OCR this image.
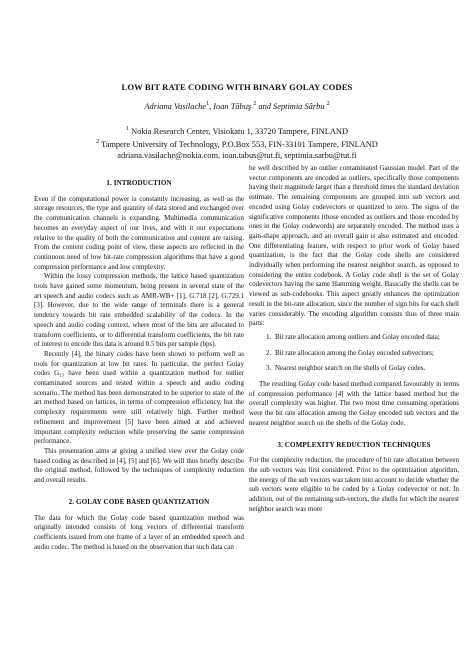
LOW BIT RATE CODING WITH BINARY GOLAY CODES
Adriana Vasilache$^1$, Ioan Tăbuş $^2$ and Septimia Sârbu $^2$
$^1$ Nokia Research Center, Visiokatu 1, 33720 Tampere, FINLAND
$^2$ Tampere University of Technology, P.O.Box 553, FIN-33101 Tampere, FINLAND
adriana.vasilache@nokia.com, ioan.tabus@tut.fi, septimia.sarbu@tut.fi
1. INTRODUCTION

Even if the computational power is constantly increasing, as well as the storage resources, the type and quantity of data stored and exchanged over the communication channels is expanding. Multimedia communication becomes an everyday aspect of our lives, and with it our expectations relative to the quality of both the communication and content are raising. From the content coding point of view, these aspects are reflected in the continuous need of low bit-rate compression algorithms that have a good compression performance and low complexity.

Within the lossy compression methods, the lattice based quantization tools have gained some momentum, being present in several state of the art speech and audio codecs such as AMR-WB+ [1], G.718 [2], G.729.1 [3]. However, due to the wide range of terminals there is a general tendency towards bit rate embedded scalability of the codecs. In the speech and audio coding context, where most of the bits are allocated to transform coefficients, or to differential transform coefficients, the bit rate of interest to encode this data is around 0.5 bits per sample (bps).

Recently [4], the binary codes have been shown to perform well as tools for quantization at low bit rates. In particular, the perfect Golay codes G₂₃ have been used within a quantization method for outlier contaminated sources and tested within a speech and audio coding scenario. The method has been demonstrated to be superior to state of the art method based on lattices, in terms of compression efficiency, but the complexity requirements were still relatively high. Further method refinement and improvement [5] have been aimed at and achieved important complexity reduction while preserving the same compression performance.

This presentation aims at giving a unified view over the Golay code based coding as described in [4], [5] and [6]. We will thus briefly describe the original method, followed by the techniques of complexity reduction and overall results.

2. GOLAY CODE BASED QUANTIZATION

The data for which the Golay code based quantization method was originally intended consists of long vectors of differential transform coefficients issued from one frame of a layer of an embedded speech and audio codec. The method is based on the observation that such data can

be well described by an outlier contaminated Gaussian model. Part of the vector components are encoded as outliers, specifically those components having their magnitude larger than a threshold times the standard deviation estimate. The remaining components are grouped into sub vectors and encoded using Golay codevectors or quantized to zero. The signs of the significative components (those encoded as outliers and those encoded by ones in the Golay codewords) are separately encoded. The method uses a gain-shape approach, and an overall gain is also estimated and encoded. One differentiating feature, with respect to prior work of Golay based quantization, is the fact that the Golay code shells are considered individually when performing the nearest neighbor search, as opposed to considering the entire codebook. A Golay code shell is the set of Golay codevectors having the same Hamming weight. Basically the shells can be viewed as sub-codebooks. This aspect greatly enhances the optimization result in the bit-rate allocation, since the number of sign bits for each shell varies considerably. The encoding algorithm consists thus of three main parts:

1. Bit rate allocation among outliers and Golay encoded data;
2. Bit rate allocation among the Golay encoded subvectors;
3. Nearest neighbor search on the shells of Golay codes.

The resulting Golay code based method compared favourably in terms of compression performance [4] with the lattice based method but the overall complexity was higher. The two most time consuming operations were the bit rate allocation among the Golay encoded sub vectors and the nearest neighbor search on the shells of the Golay code.

3. COMPLEXITY REDUCTION TECHNIQUES

For the complexity reduction, the procedure of bit rate allocation between the sub vectors was first considered. Prior to the optimization algorithm, the energy of the sub vectors was taken into account to decide whether the sub vectors were eligible to be coded by a Golay codevector or not. In addition, out of the remaining sub-vectors, the shells for which the nearest neighbor search was more
